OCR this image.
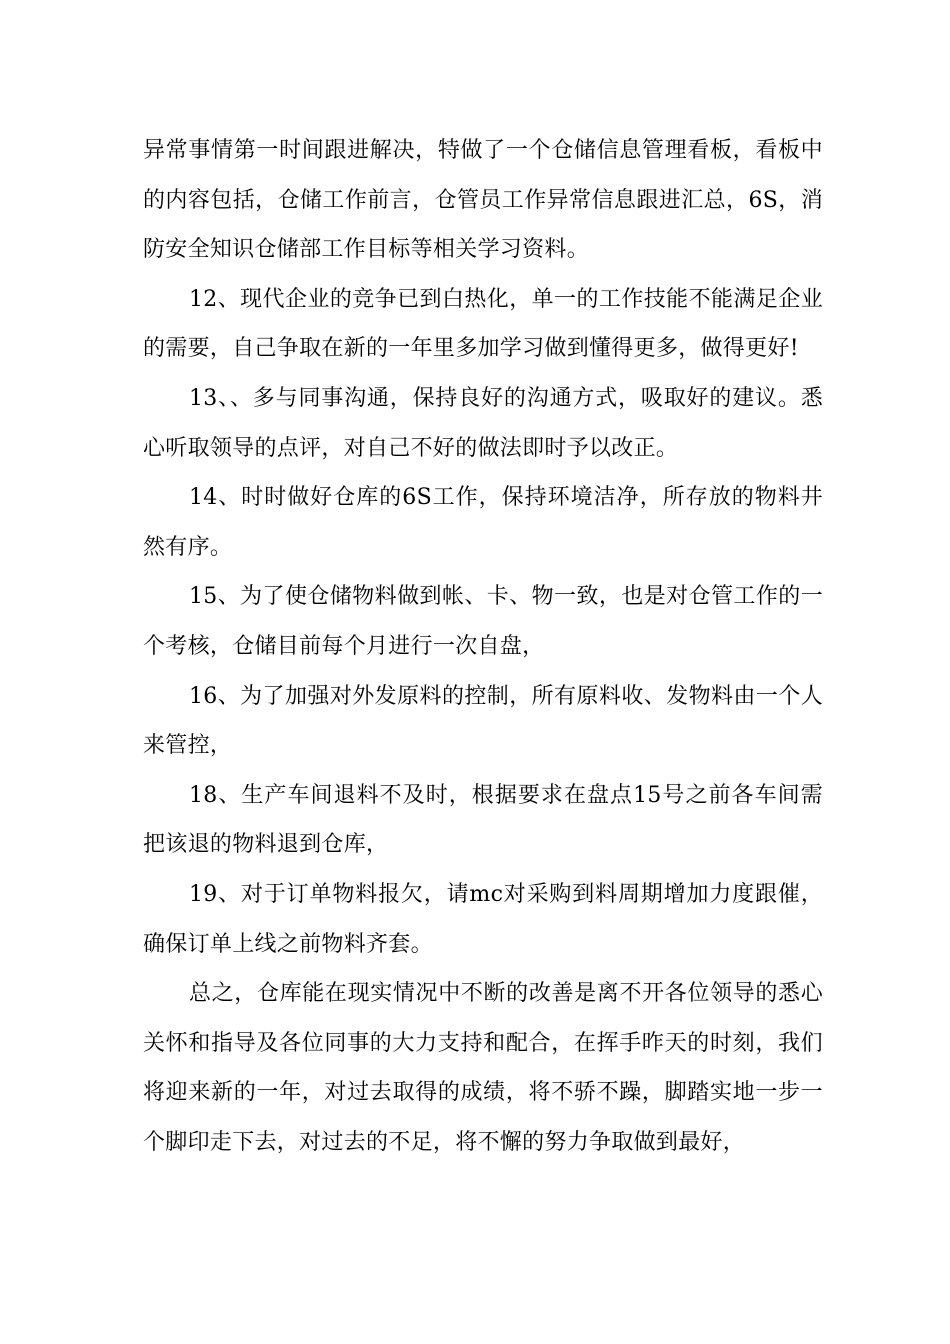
异常事情第一时间跟进解决，特做了一个仓储信息管理看板，看板中的内容包括，仓储工作前言，仓管员工作异常信息跟进汇总，6S，消防安全知识仓储部工作目标等相关学习资料。

12、现代企业的竞争已到白热化，单一的工作技能不能满足企业的需要，自己争取在新的一年里多加学习做到懂得更多，做得更好!

13、、多与同事沟通，保持良好的沟通方式，吸取好的建议。悉心听取领导的点评，对自己不好的做法即时予以改正。

14、时时做好仓库的6S工作，保持环境洁净，所存放的物料井然有序。

15、为了使仓储物料做到帐、卡、物一致，也是对仓管工作的一个考核，仓储目前每个月进行一次自盘，

16、为了加强对外发原料的控制，所有原料收、发物料由一个人来管控，

18、生产车间退料不及时，根据要求在盘点15号之前各车间需把该退的物料退到仓库，

19、对于订单物料报欠，请mc对采购到料周期增加力度跟催，确保订单上线之前物料齐套。

总之，仓库能在现实情况中不断的改善是离不开各位领导的悉心关怀和指导及各位同事的大力支持和配合，在挥手昨天的时刻，我们将迎来新的一年，对过去取得的成绩，将不骄不躁，脚踏实地一步一个脚印走下去，对过去的不足，将不懈的努力争取做到最好，
